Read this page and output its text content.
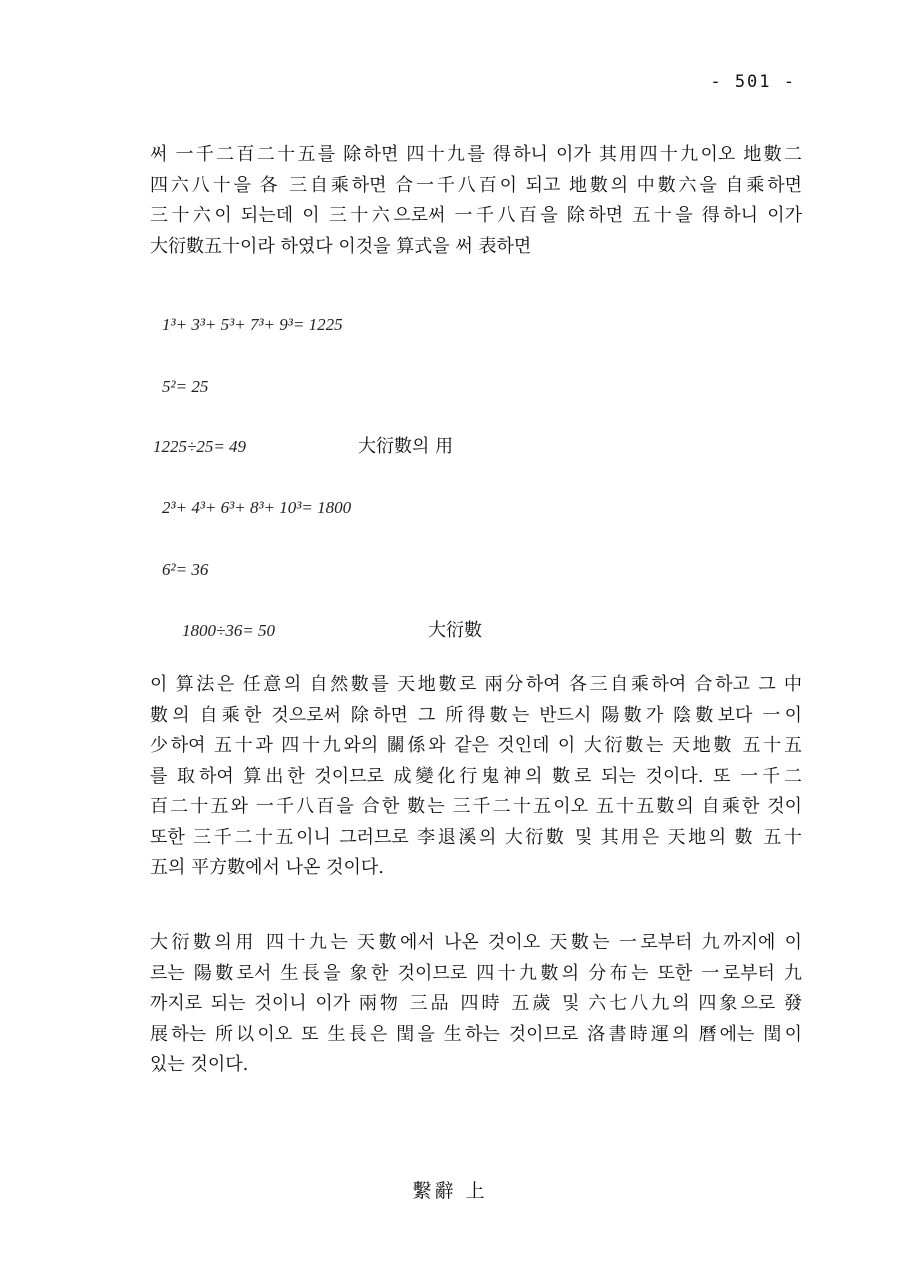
- 501 -
써 一千二百二十五를 除하면 四十九를 得하니 이가 其用四十九이오 地數二
四六八十을 各 三自乘하면 合一千八百이 되고 地數의 中數六을 自乘하면
三十六이 되는데 이 三十六으로써 一千八百을 除하면 五十을 得하니 이가
大衍數五十이라 하였다 이것을 算式을 써 表하면
1³+ 3³+ 5³+ 7³+ 9³= 1225
5²= 25
1225÷25= 49	大衍數의 用
2³+ 4³+ 6³+ 8³+ 10³= 1800
6²= 36
1800÷36= 50	大衍數
이 算法은 任意의 自然數를 天地數로 兩分하여 各三自乘하여 合하고 그 中
數의 自乘한 것으로써 除하면 그 所得數는 반드시 陽數가 陰數보다 一이
少하여 五十과 四十九와의 關係와 같은 것인데 이 大衍數는 天地數 五十五
를 取하여 算出한 것이므로 成變化行鬼神의 數로 되는 것이다. 또 一千二
百二十五와 一千八百을 合한 數는 三千二十五이오 五十五數의 自乘한 것이
또한 三千二十五이니 그러므로 李退溪의 大衍數 및 其用은 天地의 數 五十
五의 平方數에서 나온 것이다.
大衍數의用 四十九는 天數에서 나온 것이오 天數는 一로부터 九까지에 이
르는 陽數로서 生長을 象한 것이므로 四十九數의 分布는 또한 一로부터 九
까지로 되는 것이니 이가 兩物 三品 四時 五歲 및 六七八九의 四象으로 發
展하는 所以이오 또 生長은 閏을 生하는 것이므로 洛書時運의 曆에는 閏이
있는 것이다.
繫辭 上
